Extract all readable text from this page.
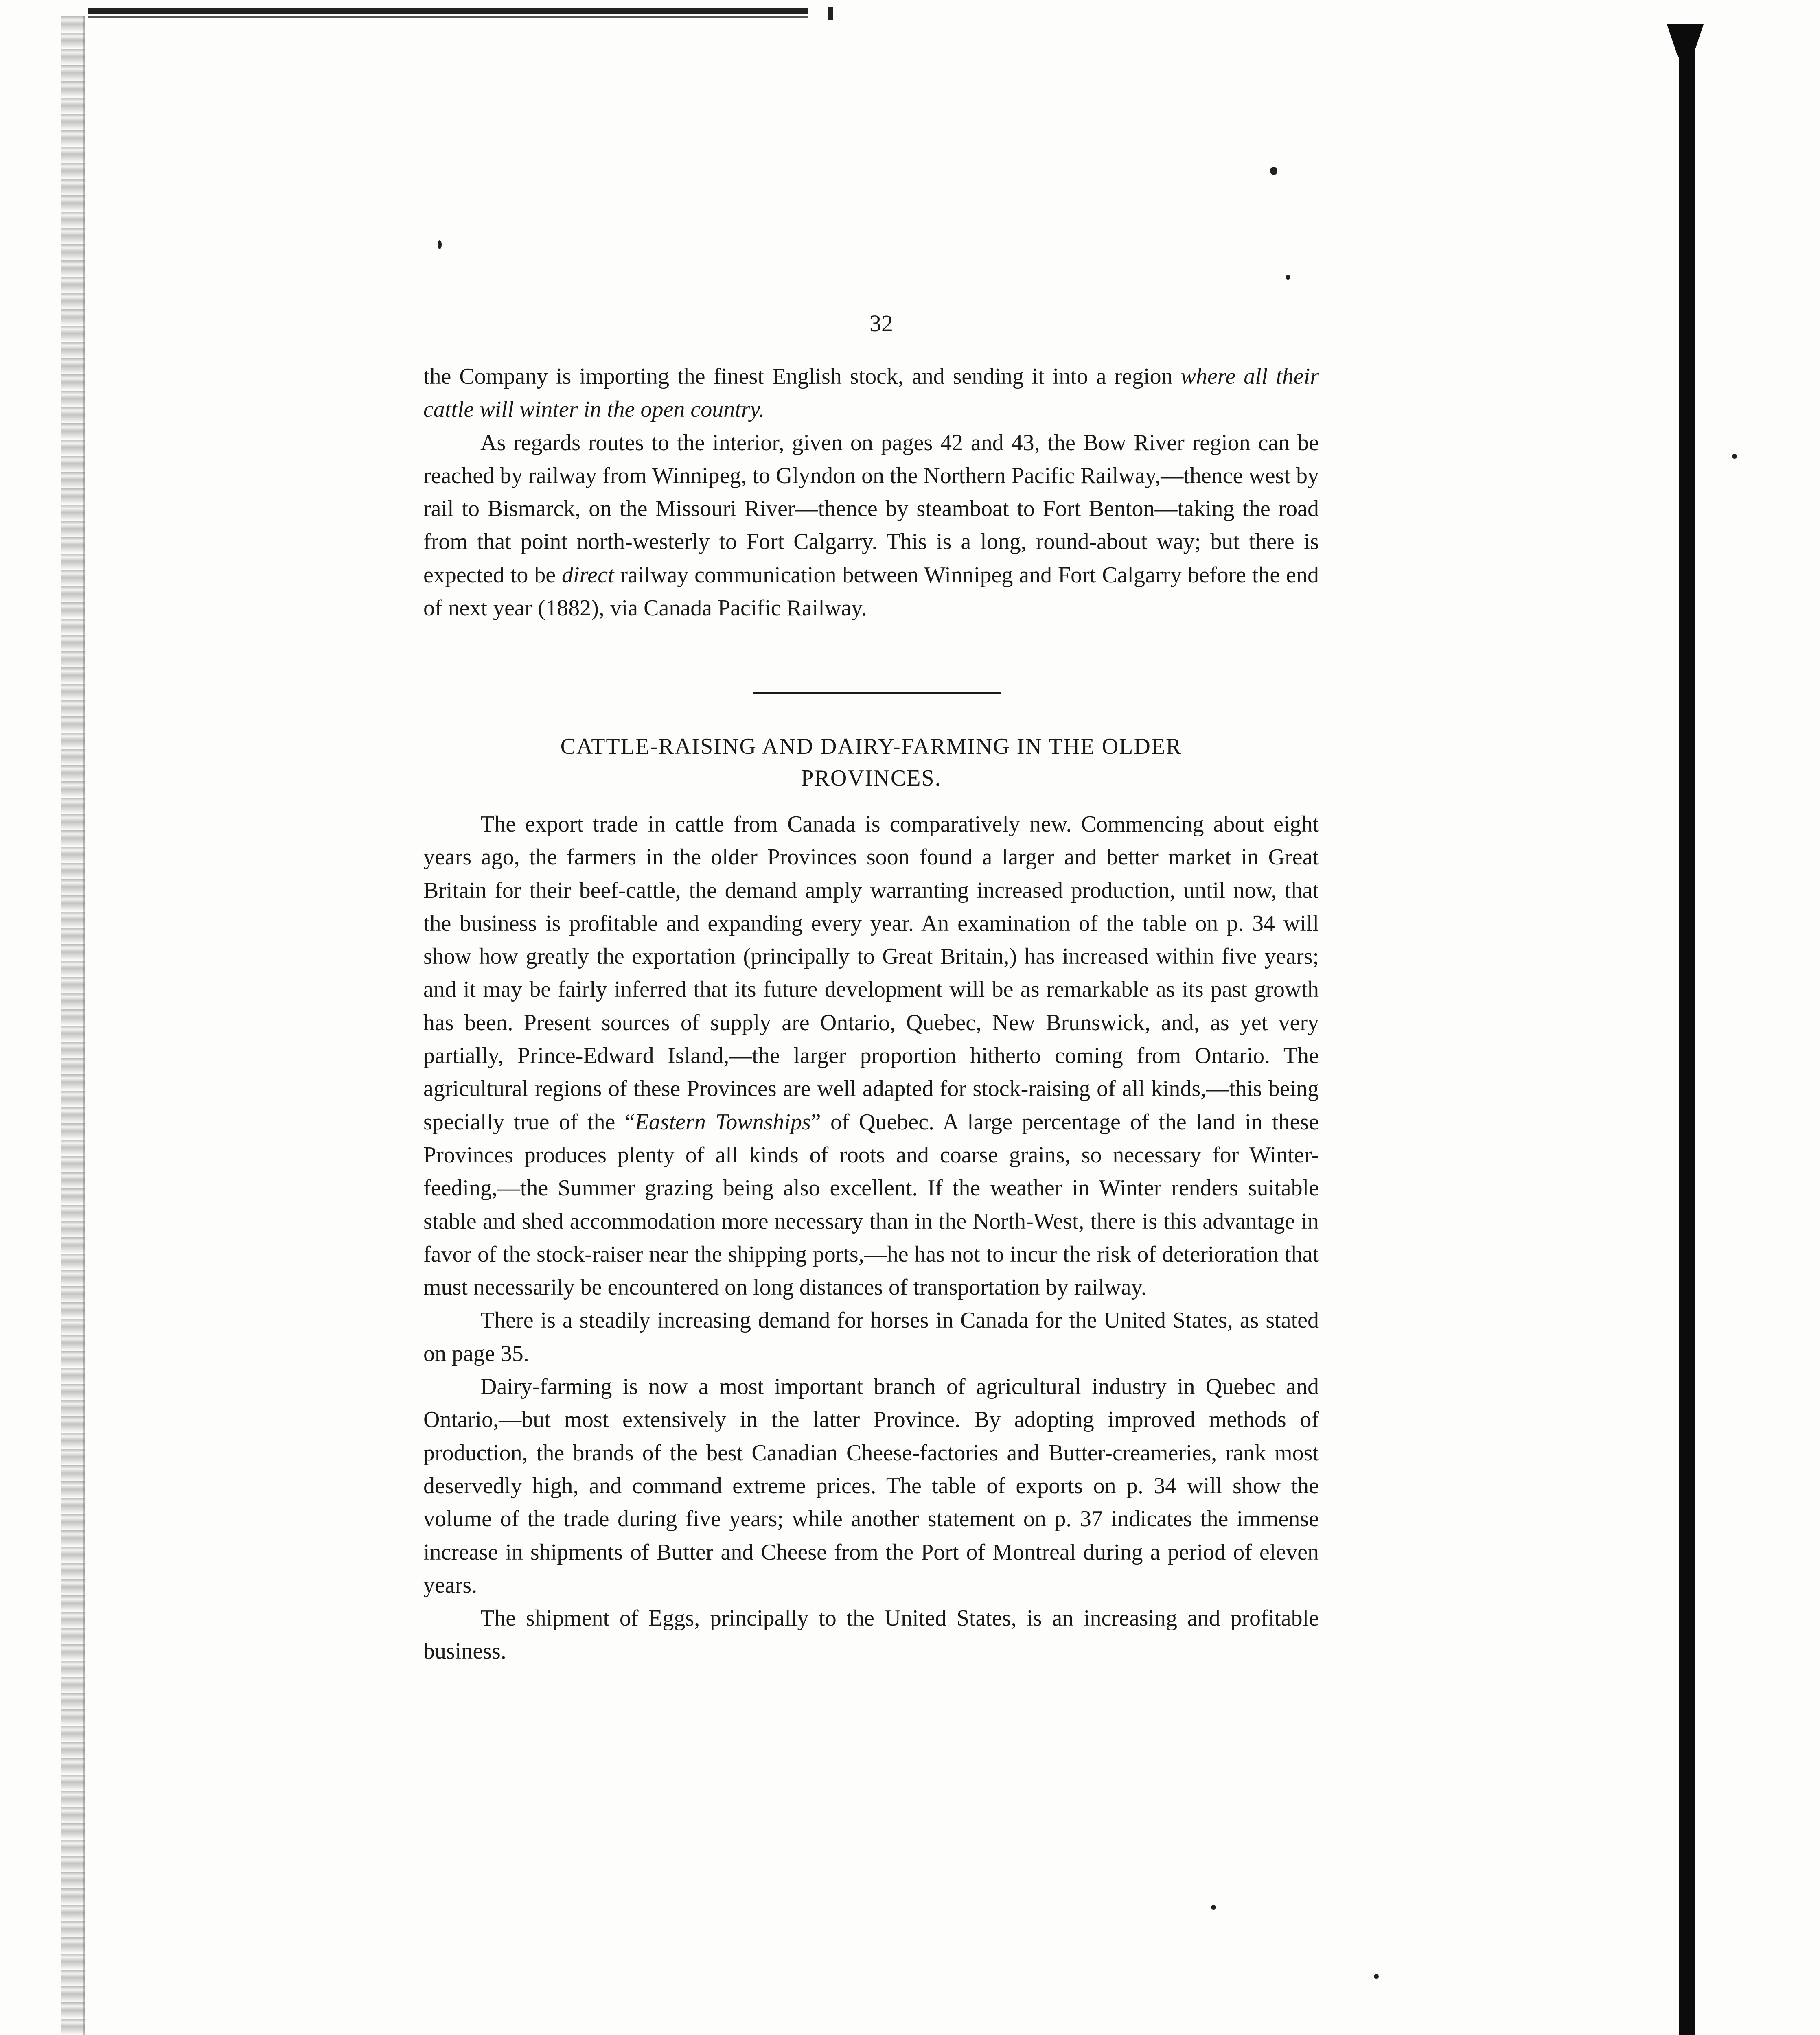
32

the Company is importing the finest English stock, and sending it into a region where all their cattle will winter in the open country.

As regards routes to the interior, given on pages 42 and 43, the Bow River region can be reached by railway from Winnipeg, to Glyndon on the Northern Pacific Railway,—thence west by rail to Bismarck, on the Missouri River—thence by steamboat to Fort Benton—taking the road from that point north-westerly to Fort Calgarry. This is a long, round-about way; but there is expected to be direct railway communication between Winnipeg and Fort Calgarry before the end of next year (1882), via Canada Pacific Railway.

CATTLE-RAISING AND DAIRY-FARMING IN THE OLDER
PROVINCES.

The export trade in cattle from Canada is comparatively new. Commencing about eight years ago, the farmers in the older Provinces soon found a larger and better market in Great Britain for their beef-cattle, the demand amply warranting increased production, until now, that the business is profitable and expanding every year. An examination of the table on p. 34 will show how greatly the exportation (principally to Great Britain,) has increased within five years; and it may be fairly inferred that its future development will be as remarkable as its past growth has been. Present sources of supply are Ontario, Quebec, New Brunswick, and, as yet very partially, Prince-Edward Island,—the larger proportion hitherto coming from Ontario. The agricultural regions of these Provinces are well adapted for stock-raising of all kinds,—this being specially true of the “Eastern Townships” of Quebec. A large percentage of the land in these Provinces produces plenty of all kinds of roots and coarse grains, so necessary for Winter-feeding,—the Summer grazing being also excellent. If the weather in Winter renders suitable stable and shed accommodation more necessary than in the North-West, there is this advantage in favor of the stock-raiser near the shipping ports,—he has not to incur the risk of deterioration that must necessarily be encountered on long distances of transportation by railway.

There is a steadily increasing demand for horses in Canada for the United States, as stated on page 35.

Dairy-farming is now a most important branch of agricultural industry in Quebec and Ontario,—but most extensively in the latter Province. By adopting improved methods of production, the brands of the best Canadian Cheese-factories and Butter-creameries, rank most deservedly high, and command extreme prices. The table of exports on p. 34 will show the volume of the trade during five years; while another statement on p. 37 indicates the immense increase in shipments of Butter and Cheese from the Port of Montreal during a period of eleven years.

The shipment of Eggs, principally to the United States, is an increasing and profitable business.
